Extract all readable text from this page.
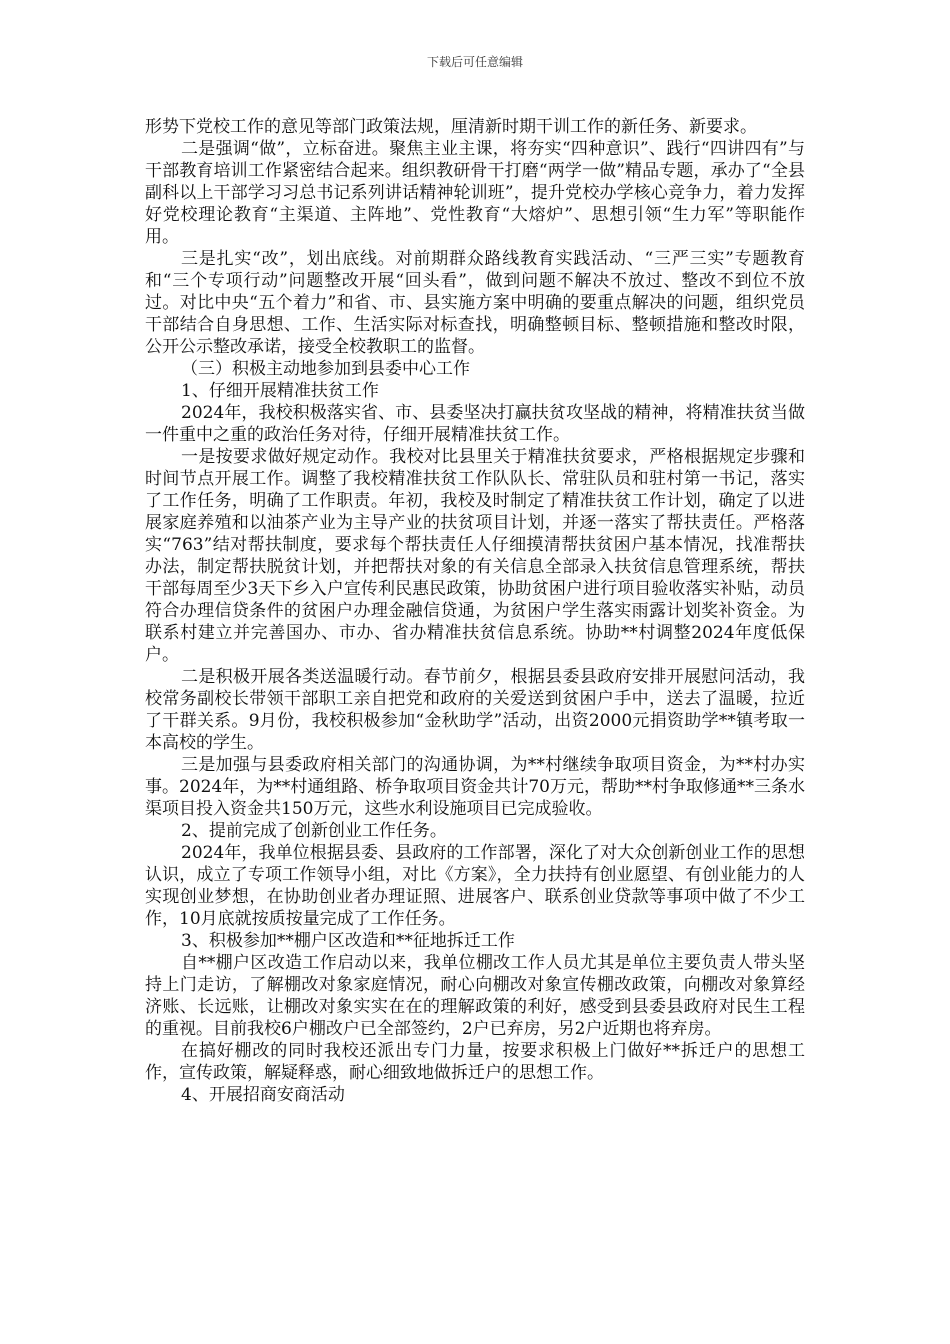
下载后可任意编辑

形势下党校工作的意见等部门政策法规，厘清新时期干训工作的新任务、新要求。

二是强调“做”，立标奋进。聚焦主业主课，将夯实“四种意识”、践行“四讲四有”与干部教育培训工作紧密结合起来。组织教研骨干打磨“两学一做”精品专题，承办了“全县副科以上干部学习习总书记系列讲话精神轮训班”，提升党校办学核心竞争力，着力发挥好党校理论教育“主渠道、主阵地”、党性教育“大熔炉”、思想引领“生力军”等职能作用。

三是扎实“改”，划出底线。对前期群众路线教育实践活动、“三严三实”专题教育和“三个专项行动”问题整改开展“回头看”，做到问题不解决不放过、整改不到位不放过。对比中央“五个着力”和省、市、县实施方案中明确的要重点解决的问题，组织党员干部结合自身思想、工作、生活实际对标查找，明确整顿目标、整顿措施和整改时限，公开公示整改承诺，接受全校教职工的监督。

（三）积极主动地参加到县委中心工作

1、仔细开展精准扶贫工作

2024年，我校积极落实省、市、县委坚决打赢扶贫攻坚战的精神，将精准扶贫当做一件重中之重的政治任务对待，仔细开展精准扶贫工作。

一是按要求做好规定动作。我校对比县里关于精准扶贫要求，严格根据规定步骤和时间节点开展工作。调整了我校精准扶贫工作队队长、常驻队员和驻村第一书记，落实了工作任务，明确了工作职责。年初，我校及时制定了精准扶贫工作计划，确定了以进展家庭养殖和以油茶产业为主导产业的扶贫项目计划，并逐一落实了帮扶责任。严格落实“763”结对帮扶制度，要求每个帮扶责任人仔细摸清帮扶贫困户基本情况，找准帮扶办法，制定帮扶脱贫计划，并把帮扶对象的有关信息全部录入扶贫信息管理系统，帮扶干部每周至少3天下乡入户宣传利民惠民政策，协助贫困户进行项目验收落实补贴，动员符合办理信贷条件的贫困户办理金融信贷通，为贫困户学生落实雨露计划奖补资金。为联系村建立并完善国办、市办、省办精准扶贫信息系统。协助**村调整2024年度低保户。

二是积极开展各类送温暖行动。春节前夕，根据县委县政府安排开展慰问活动，我校常务副校长带领干部职工亲自把党和政府的关爱送到贫困户手中，送去了温暖，拉近了干群关系。9月份，我校积极参加“金秋助学”活动，出资2000元捐资助学**镇考取一本高校的学生。

三是加强与县委政府相关部门的沟通协调，为**村继续争取项目资金，为**村办实事。2024年，为**村通组路、桥争取项目资金共计70万元，帮助**村争取修通**三条水渠项目投入资金共150万元，这些水利设施项目已完成验收。

2、提前完成了创新创业工作任务。

2024年，我单位根据县委、县政府的工作部署，深化了对大众创新创业工作的思想认识，成立了专项工作领导小组，对比《方案》，全力扶持有创业愿望、有创业能力的人实现创业梦想，在协助创业者办理证照、进展客户、联系创业贷款等事项中做了不少工作，10月底就按质按量完成了工作任务。

3、积极参加**棚户区改造和**征地拆迁工作

自**棚户区改造工作启动以来，我单位棚改工作人员尤其是单位主要负责人带头坚持上门走访，了解棚改对象家庭情况，耐心向棚改对象宣传棚改政策，向棚改对象算经济账、长远账，让棚改对象实实在在的理解政策的利好，感受到县委县政府对民生工程的重视。目前我校6户棚改户已全部签约，2户已弃房，另2户近期也将弃房。

在搞好棚改的同时我校还派出专门力量，按要求积极上门做好**拆迁户的思想工作，宣传政策，解疑释惑，耐心细致地做拆迁户的思想工作。

4、开展招商安商活动
